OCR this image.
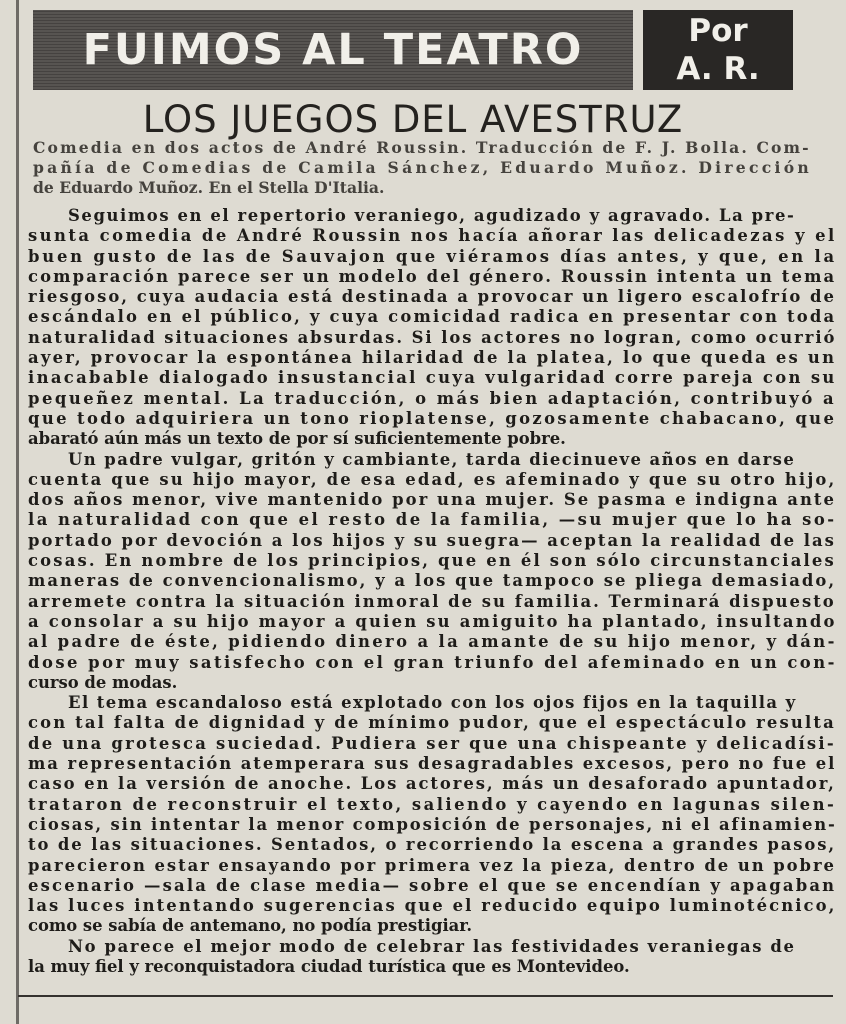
FUIMOS AL TEATRO	Por
A. R.
LOS JUEGOS DEL AVESTRUZ
Comedia en dos actos de André Roussin. Traducción de F. J. Bolla. Com-
pañía de Comedias de Camila Sánchez, Eduardo Muñoz. Dirección
de Eduardo Muñoz. En el Stella D'Italia.

Seguimos en el repertorio veraniego, agudizado y agravado. La pre-
sunta comedia de André Roussin nos hacía añorar las delicadezas y el
buen gusto de las de Sauvajon que viéramos días antes, y que, en la
comparación parece ser un modelo del género. Roussin intenta un tema
riesgoso, cuya audacia está destinada a provocar un ligero escalofrío de
escándalo en el público, y cuya comicidad radica en presentar con toda
naturalidad situaciones absurdas. Si los actores no logran, como ocurrió
ayer, provocar la espontánea hilaridad de la platea, lo que queda es un
inacabable dialogado insustancial cuya vulgaridad corre pareja con su
pequeñez mental. La traducción, o más bien adaptación, contribuyó a
que todo adquiriera un tono rioplatense, gozosamente chabacano, que
abarató aún más un texto de por sí suficientemente pobre.

Un padre vulgar, gritón y cambiante, tarda diecinueve años en darse
cuenta que su hijo mayor, de esa edad, es afeminado y que su otro hijo,
dos años menor, vive mantenido por una mujer. Se pasma e indigna ante
la naturalidad con que el resto de la familia, —su mujer que lo ha so-
portado por devoción a los hijos y su suegra— aceptan la realidad de las
cosas. En nombre de los principios, que en él son sólo circunstanciales
maneras de convencionalismo, y a los que tampoco se pliega demasiado,
arremete contra la situación inmoral de su familia. Terminará dispuesto
a consolar a su hijo mayor a quien su amiguito ha plantado, insultando
al padre de éste, pidiendo dinero a la amante de su hijo menor, y dán-
dose por muy satisfecho con el gran triunfo del afeminado en un con-
curso de modas.

El tema escandaloso está explotado con los ojos fijos en la taquilla y
con tal falta de dignidad y de mínimo pudor, que el espectáculo resulta
de una grotesca suciedad. Pudiera ser que una chispeante y delicadísi-
ma representación atemperara sus desagradables excesos, pero no fue el
caso en la versión de anoche. Los actores, más un desaforado apuntador,
trataron de reconstruir el texto, saliendo y cayendo en lagunas silen-
ciosas, sin intentar la menor composición de personajes, ni el afinamien-
to de las situaciones. Sentados, o recorriendo la escena a grandes pasos,
parecieron estar ensayando por primera vez la pieza, dentro de un pobre
escenario —sala de clase media— sobre el que se encendían y apagaban
las luces intentando sugerencias que el reducido equipo luminotécnico,
como se sabía de antemano, no podía prestigiar.

No parece el mejor modo de celebrar las festividades veraniegas de
la muy fiel y reconquistadora ciudad turística que es Montevideo.
